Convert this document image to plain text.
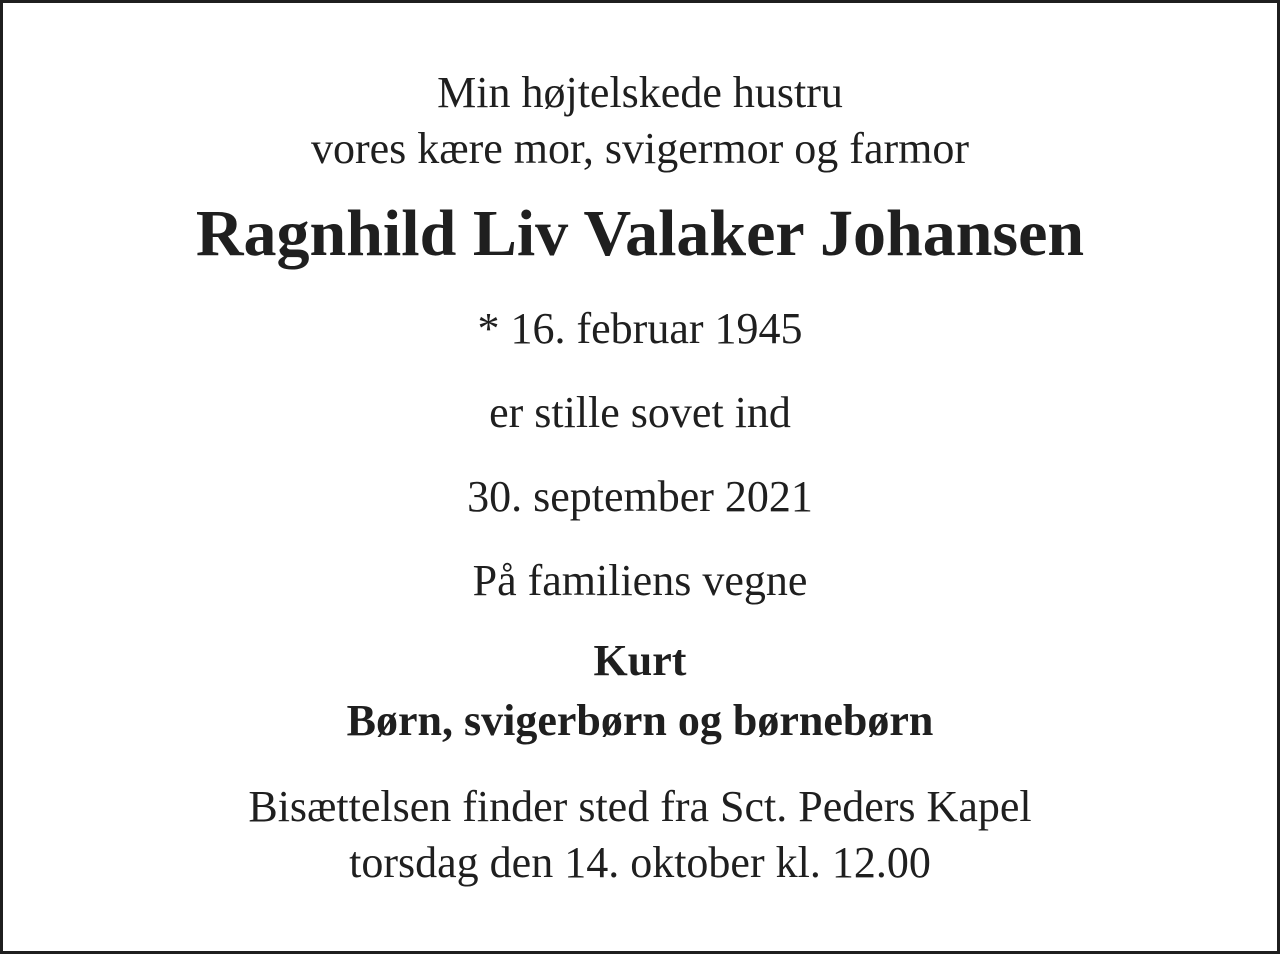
Min højtelskede hustru
vores kære mor, svigermor og farmor
Ragnhild Liv Valaker Johansen
* 16. februar 1945
er stille sovet ind
30. september 2021
På familiens vegne
Kurt
Børn, svigerbørn og børnebørn
Bisættelsen finder sted fra Sct. Peders Kapel
torsdag den 14. oktober kl. 12.00
